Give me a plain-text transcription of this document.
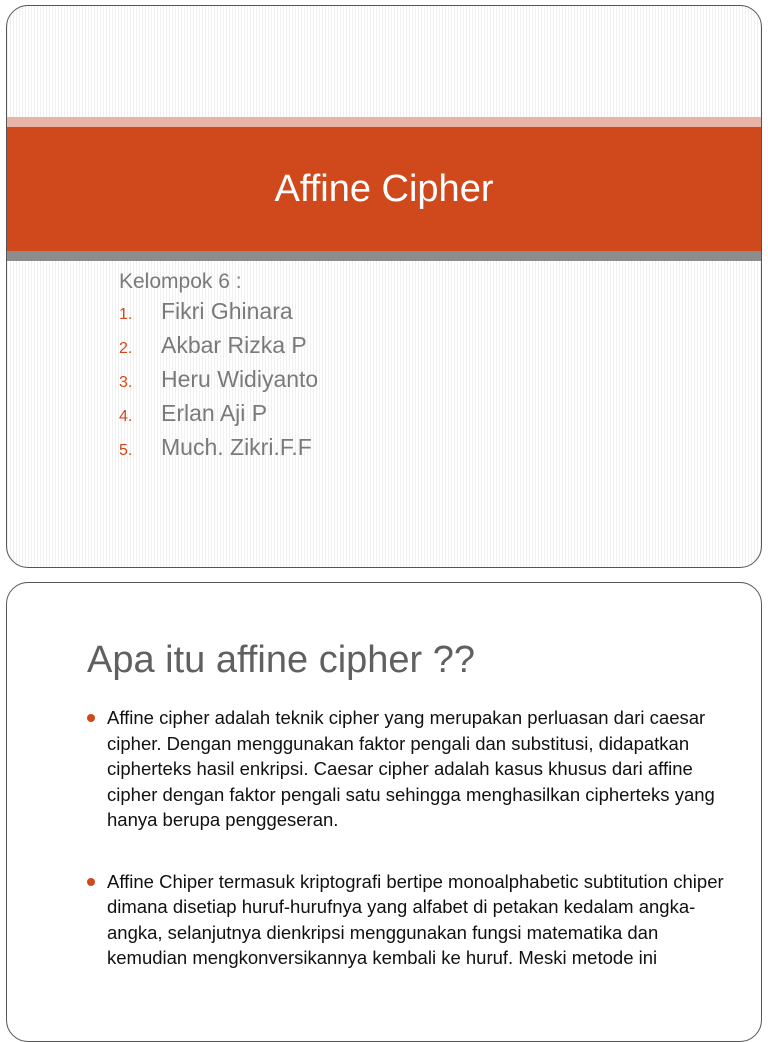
Affine Cipher
Kelompok 6 :
1.	Fikri Ghinara
2.	Akbar Rizka P
3.	Heru Widiyanto
4.	Erlan Aji P
5.	Much. Zikri.F.F
Apa itu affine cipher ??
Affine cipher adalah teknik cipher yang merupakan perluasan dari caesar cipher. Dengan menggunakan faktor pengali dan substitusi, didapatkan cipherteks hasil enkripsi. Caesar cipher adalah kasus khusus dari affine cipher dengan faktor pengali satu sehingga menghasilkan cipherteks yang hanya berupa penggeseran.
Affine Chiper termasuk kriptografi bertipe monoalphabetic subtitution chiper dimana disetiap huruf-hurufnya yang alfabet di petakan kedalam angka-angka, selanjutnya dienkripsi menggunakan fungsi matematika dan kemudian mengkonversikannya kembali ke huruf. Meski metode ini
